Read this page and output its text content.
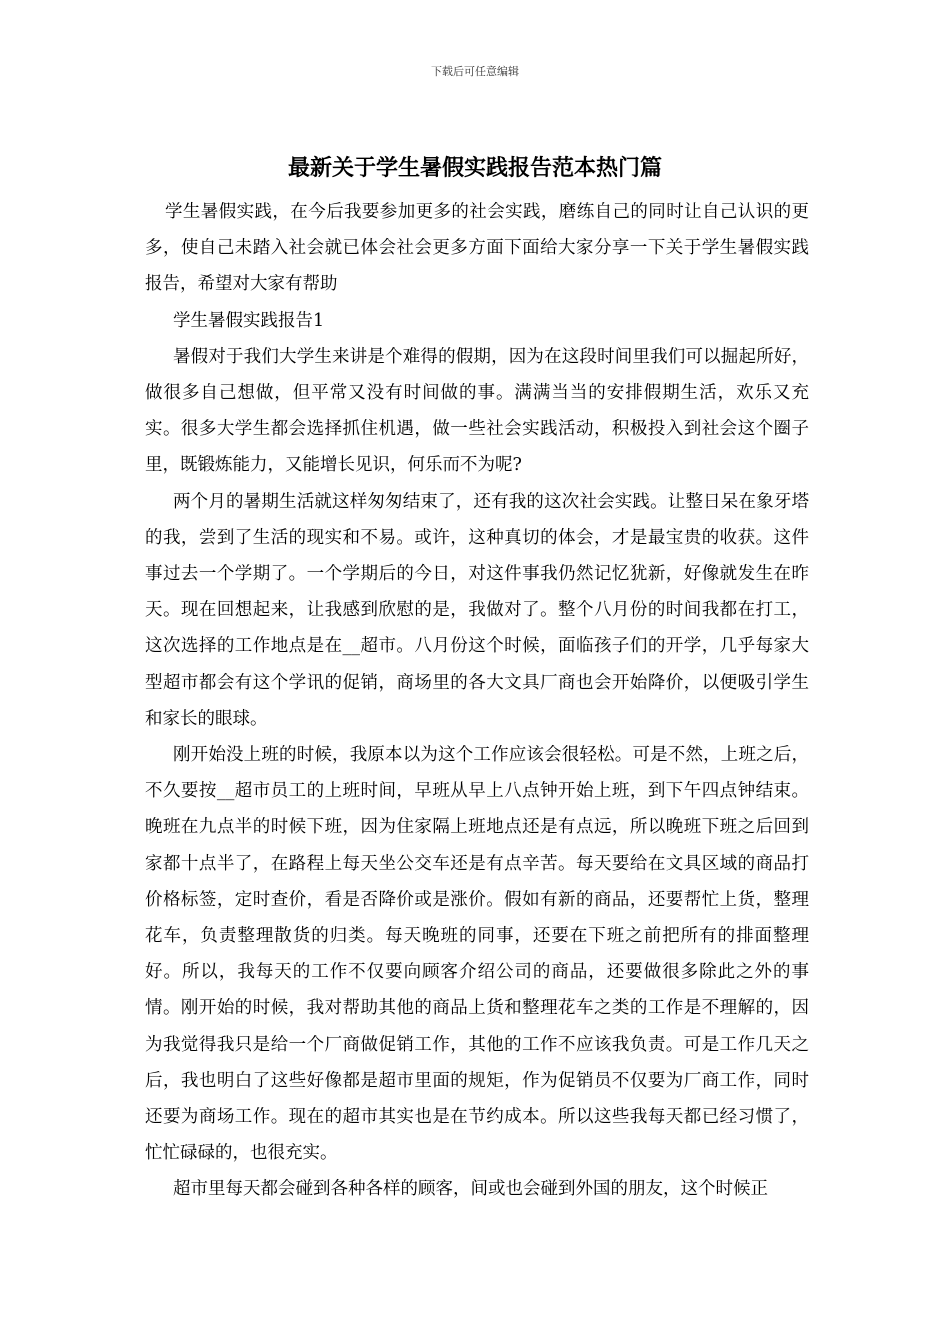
下载后可任意编辑
最新关于学生暑假实践报告范本热门篇

学生暑假实践，在今后我要参加更多的社会实践，磨练自己的同时让自己认识的更多，使自己未踏入社会就已体会社会更多方面下面给大家分享一下关于学生暑假实践报告，希望对大家有帮助

学生暑假实践报告1

暑假对于我们大学生来讲是个难得的假期，因为在这段时间里我们可以掘起所好，做很多自己想做，但平常又没有时间做的事。满满当当的安排假期生活，欢乐又充实。很多大学生都会选择抓住机遇，做一些社会实践活动，积极投入到社会这个圈子里，既锻炼能力，又能增长见识，何乐而不为呢?

两个月的暑期生活就这样匆匆结束了，还有我的这次社会实践。让整日呆在象牙塔的我，尝到了生活的现实和不易。或许，这种真切的体会，才是最宝贵的收获。这件事过去一个学期了。一个学期后的今日，对这件事我仍然记忆犹新，好像就发生在昨天。现在回想起来，让我感到欣慰的是，我做对了。整个八月份的时间我都在打工，这次选择的工作地点是在__超市。八月份这个时候，面临孩子们的开学，几乎每家大型超市都会有这个学讯的促销，商场里的各大文具厂商也会开始降价，以便吸引学生和家长的眼球。

刚开始没上班的时候，我原本以为这个工作应该会很轻松。可是不然，上班之后，不久要按__超市员工的上班时间，早班从早上八点钟开始上班，到下午四点钟结束。晚班在九点半的时候下班，因为住家隔上班地点还是有点远，所以晚班下班之后回到家都十点半了，在路程上每天坐公交车还是有点辛苦。每天要给在文具区域的商品打价格标签，定时查价，看是否降价或是涨价。假如有新的商品，还要帮忙上货，整理花车，负责整理散货的归类。每天晚班的同事，还要在下班之前把所有的排面整理好。所以，我每天的工作不仅要向顾客介绍公司的商品，还要做很多除此之外的事情。刚开始的时候，我对帮助其他的商品上货和整理花车之类的工作是不理解的，因为我觉得我只是给一个厂商做促销工作，其他的工作不应该我负责。可是工作几天之后，我也明白了这些好像都是超市里面的规矩，作为促销员不仅要为厂商工作，同时还要为商场工作。现在的超市其实也是在节约成本。所以这些我每天都已经习惯了，忙忙碌碌的，也很充实。

超市里每天都会碰到各种各样的顾客，间或也会碰到外国的朋友，这个时候正
